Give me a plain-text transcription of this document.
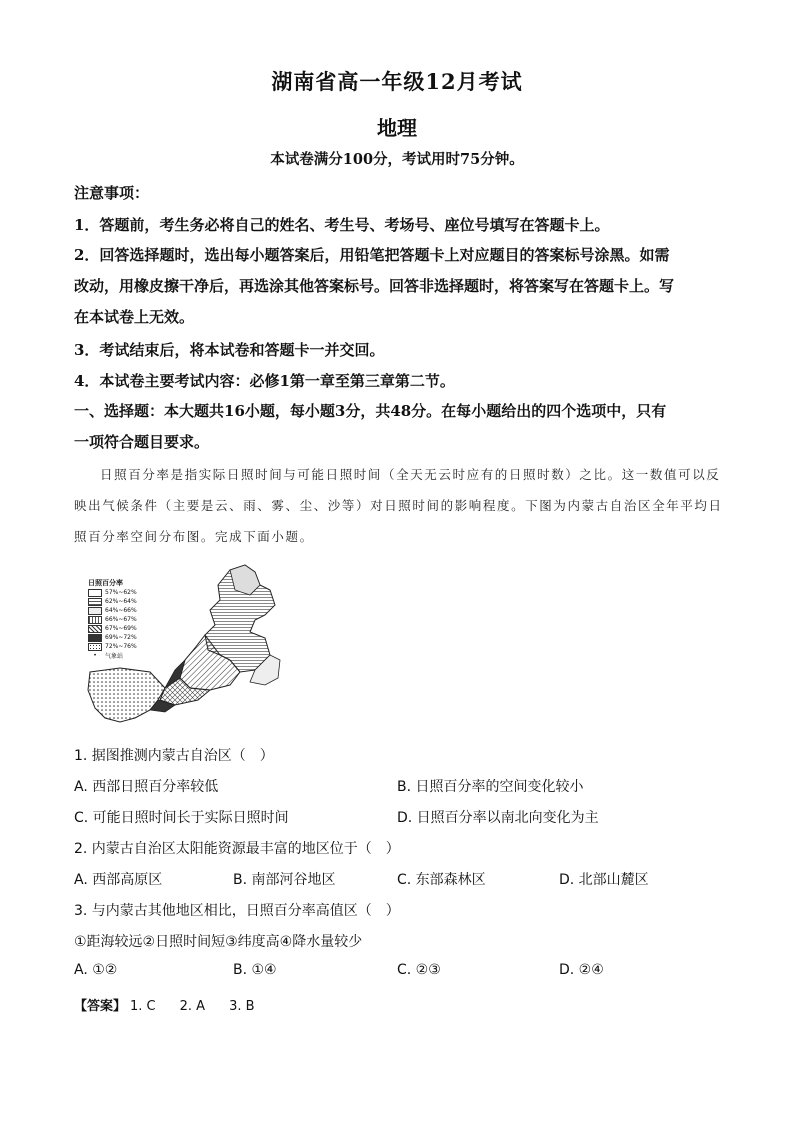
湖南省高一年级12月考试
地理
本试卷满分100分，考试用时75分钟。
注意事项：
1．答题前，考生务必将自己的姓名、考生号、考场号、座位号填写在答题卡上。
2．回答选择题时，选出每小题答案后，用铅笔把答题卡上对应题目的答案标号涂黑。如需
改动，用橡皮擦干净后，再选涂其他答案标号。回答非选择题时，将答案写在答题卡上。写
在本试卷上无效。
3．考试结束后，将本试卷和答题卡一并交回。
4．本试卷主要考试内容：必修1第一章至第三章第二节。
一、选择题：本大题共16小题，每小题3分，共48分。在每小题给出的四个选项中，只有
一项符合题目要求。
日照百分率是指实际日照时间与可能日照时间（全天无云时应有的日照时数）之比。这一数值可以反
映出气候条件（主要是云、雨、雾、尘、沙等）对日照时间的影响程度。下图为内蒙古自治区全年平均日
照百分率空间分布图。完成下面小题。
日照百分率
57%~62%
62%~64%
64%~66%
66%~67%
67%~69%
69%~72%
72%~76%
•	气象站
1. 据图推测内蒙古自治区（　）
A. 西部日照百分率较低	B. 日照百分率的空间变化较小
C. 可能日照时间长于实际日照时间	D. 日照百分率以南北向变化为主
2. 内蒙古自治区太阳能资源最丰富的地区位于（　）
A. 西部高原区	B. 南部河谷地区	C. 东部森林区	D. 北部山麓区
3. 与内蒙古其他地区相比，日照百分率高值区（　）
①距海较远②日照时间短③纬度高④降水量较少
A. ①②	B. ①④	C. ②③	D. ②④
【答案】 1. C 2. A 3. B
